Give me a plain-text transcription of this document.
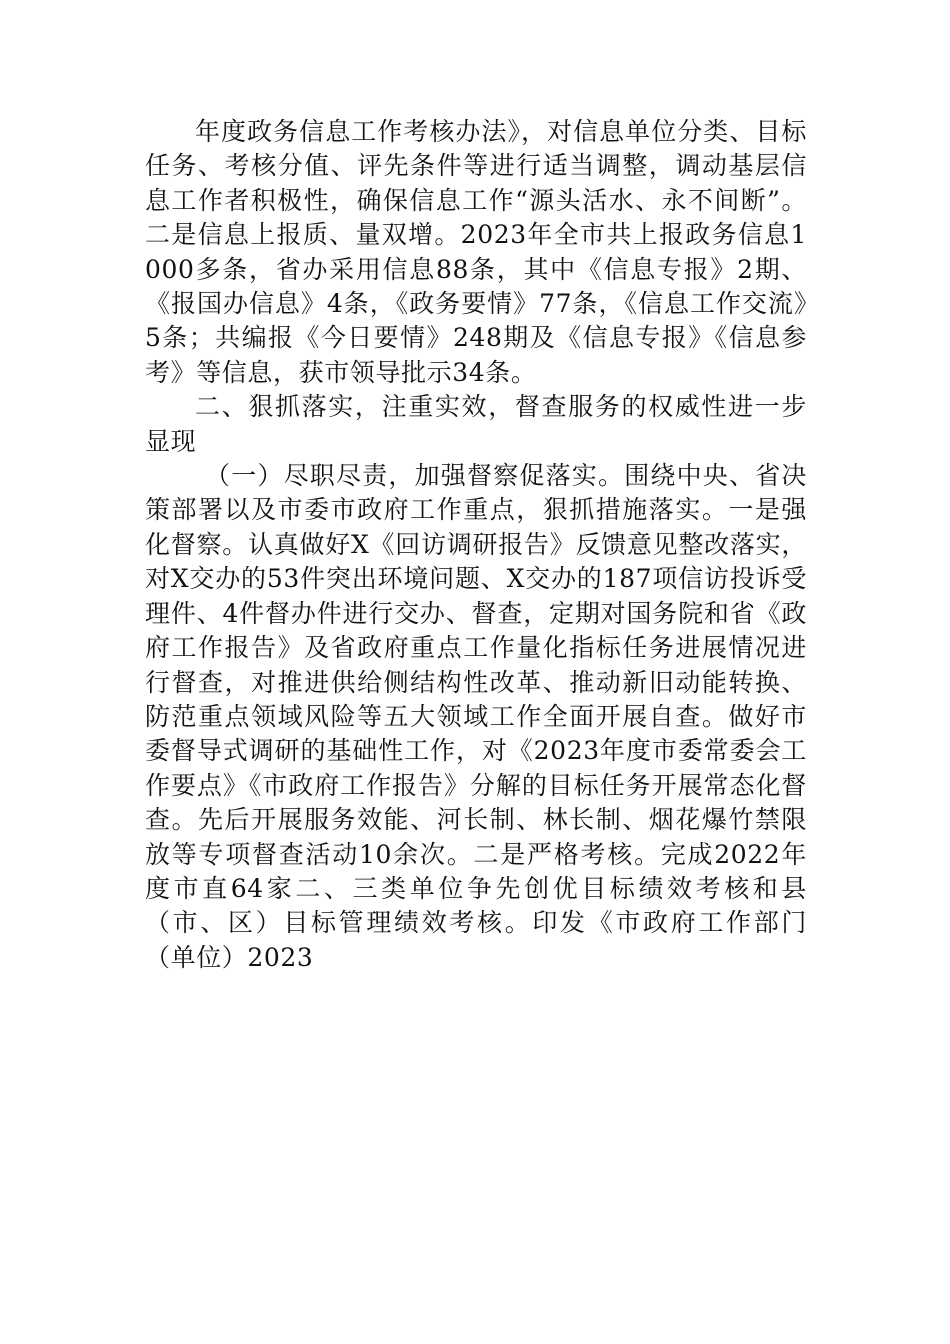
年度政务信息工作考核办法》，对信息单位分类、目标任务、考核分值、评先条件等进行适当调整，调动基层信息工作者积极性，确保信息工作“源头活水、永不间断”。二是信息上报质、量双增。2023年全市共上报政务信息1000多条，省办采用信息88条，其中《信息专报》2期、《报国办信息》4条，《政务要情》77条，《信息工作交流》5条；共编报《今日要情》248期及《信息专报》《信息参考》等信息，获市领导批示34条。

二、狠抓落实，注重实效，督查服务的权威性进一步显现

（一）尽职尽责，加强督察促落实。围绕中央、省决策部署以及市委市政府工作重点，狠抓措施落实。一是强化督察。认真做好X《回访调研报告》反馈意见整改落实，对X交办的53件突出环境问题、X交办的187项信访投诉受理件、4件督办件进行交办、督查，定期对国务院和省《政府工作报告》及省政府重点工作量化指标任务进展情况进行督查，对推进供给侧结构性改革、推动新旧动能转换、防范重点领域风险等五大领域工作全面开展自查。做好市委督导式调研的基础性工作，对《2023年度市委常委会工作要点》《市政府工作报告》分解的目标任务开展常态化督查。先后开展服务效能、河长制、林长制、烟花爆竹禁限放等专项督查活动10余次。二是严格考核。完成2022年度市直64家二、三类单位争先创优目标绩效考核和县（市、区）目标管理绩效考核。印发《市政府工作部门（单位）2023
